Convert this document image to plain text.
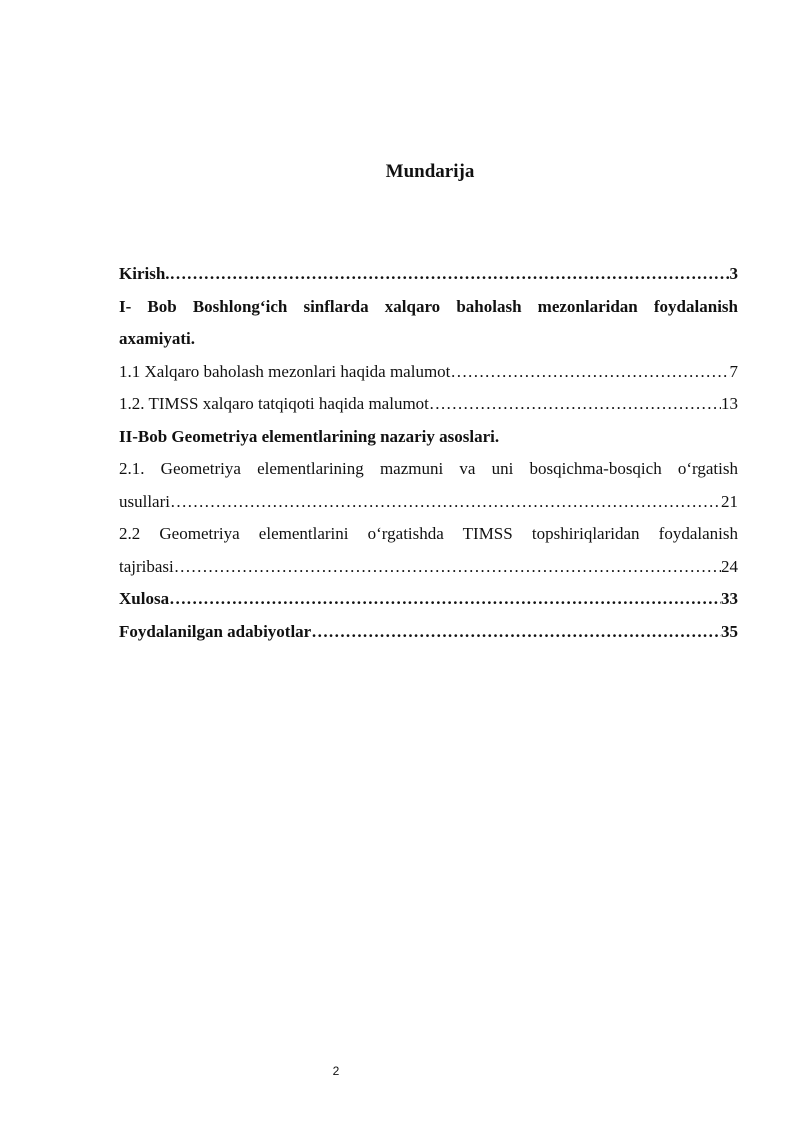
Mundarija
Kirish. ……………………………………………………………………………………………………………………………………………………………………………………	3
I- Bob Boshlong‘ich sinflarda xalqaro baholash mezonlaridan foydalanish
axamiyati.
1.1 Xalqaro baholash mezonlari haqida malumot ……………………………………………………………………………………………………………………………………………………………………………………	7
1.2. TIMSS xalqaro tatqiqoti haqida malumot ……………………………………………………………………………………………………………………………………………………………………………………	13
II-Bob Geometriya elementlarining nazariy asoslari.
2.1. Geometriya elementlarining mazmuni va uni bosqichma-bosqich o‘rgatish
usullari ……………………………………………………………………………………………………………………………………………………………………………………	21
2.2 Geometriya elementlarini o‘rgatishda TIMSS topshiriqlaridan foydalanish
tajribasi ……………………………………………………………………………………………………………………………………………………………………………………	24
Xulosa ……………………………………………………………………………………………………………………………………………………………………………………	33
Foydalanilgan adabiyotlar ……………………………………………………………………………………………………………………………………………………………………………………	35
2
